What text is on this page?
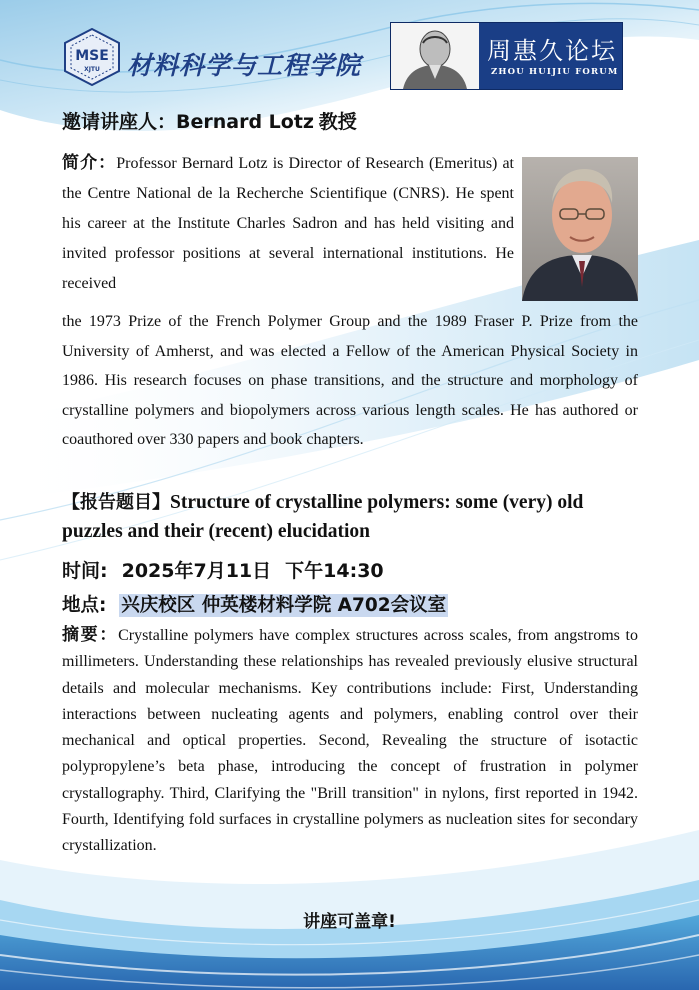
MSE
XJTU 材料科学与工程学院	周惠久论坛
ZHOU HUIJIU FORUM
邀请讲座人：Bernard Lotz 教授
简介：Professor Bernard Lotz is Director of Research (Emeritus) at the Centre National de la Recherche Scientifique (CNRS). He spent his career at the Institute Charles Sadron and has held visiting and invited professor positions at several international institutions. He received
the 1973 Prize of the French Polymer Group and the 1989 Fraser P. Prize from the University of Amherst, and was elected a Fellow of the American Physical Society in 1986. His research focuses on phase transitions, and the structure and morphology of crystalline polymers and biopolymers across various length scales. He has authored or coauthored over 330 papers and book chapters.
【报告题目】Structure of crystalline polymers: some (very) old puzzles and their (recent) elucidation
时间: 2025年7月11日 下午14:30
地点: 兴庆校区 仲英楼材料学院 A702会议室
摘要：Crystalline polymers have complex structures across scales, from angstroms to millimeters. Understanding these relationships has revealed previously elusive structural details and molecular mechanisms. Key contributions include: First, Understanding interactions between nucleating agents and polymers, enabling control over their mechanical and optical properties. Second, Revealing the structure of isotactic polypropylene’s beta phase, introducing the concept of frustration in polymer crystallography. Third, Clarifying the "Brill transition" in nylons, first reported in 1942. Fourth, Identifying fold surfaces in crystalline polymers as nucleation sites for secondary crystallization.
讲座可盖章!
